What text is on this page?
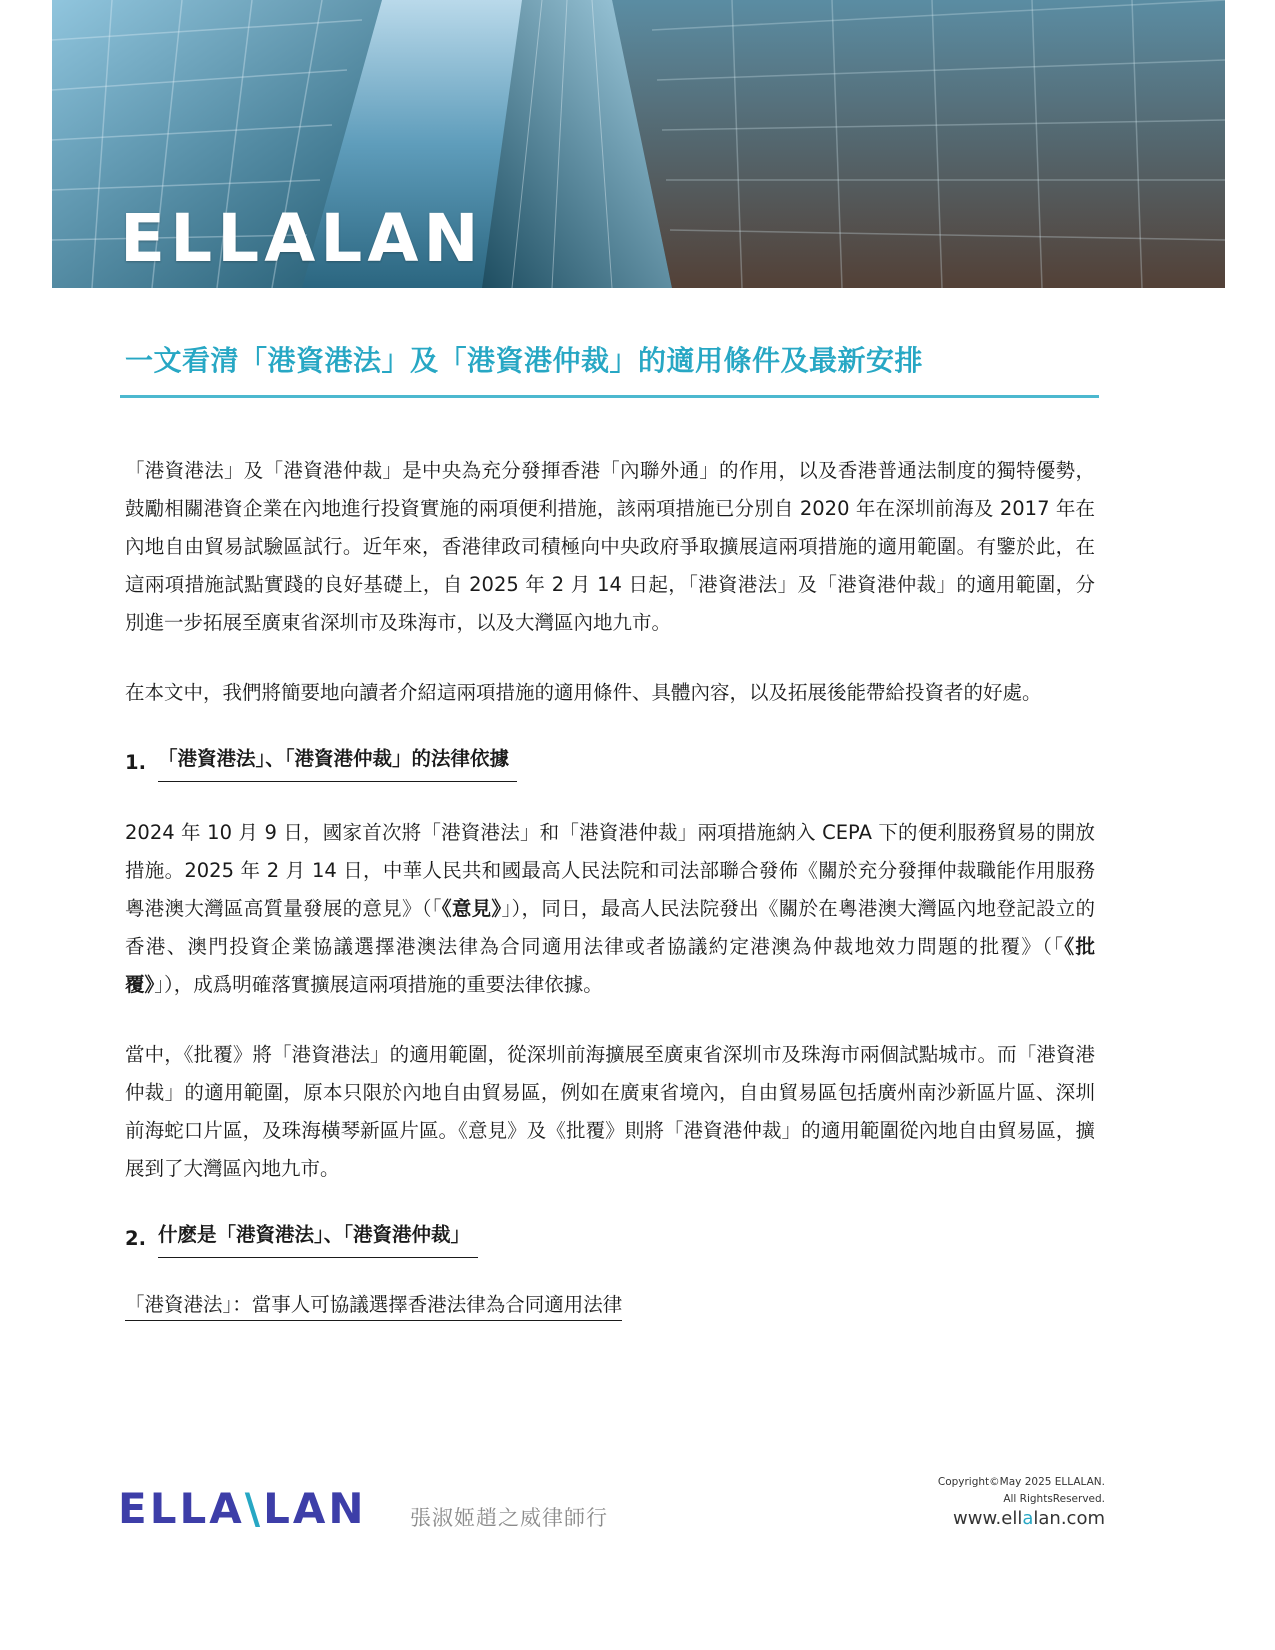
ELLALAN
一文看清「港資港法」及「港資港仲裁」的適用條件及最新安排

「港資港法」及「港資港仲裁」是中央為充分發揮香港「內聯外通」的作用，以及香港普通法制度的獨特優勢，鼓勵相關港資企業在內地進行投資實施的兩項便利措施，該兩項措施已分別自 2020 年在深圳前海及 2017 年在內地自由貿易試驗區試行。近年來，香港律政司積極向中央政府爭取擴展這兩項措施的適用範圍。有鑒於此，在這兩項措施試點實踐的良好基礎上，自 2025 年 2 月 14 日起，「港資港法」及「港資港仲裁」的適用範圍，分別進一步拓展至廣東省深圳市及珠海市，以及大灣區內地九市。

在本文中，我們將簡要地向讀者介紹這兩項措施的適用條件、具體內容，以及拓展後能帶給投資者的好處。

1. 「港資港法」、「港資港仲裁」的法律依據

2024 年 10 月 9 日，國家首次將「港資港法」和「港資港仲裁」兩項措施納入 CEPA 下的便利服務貿易的開放措施。2025 年 2 月 14 日，中華人民共和國最高人民法院和司法部聯合發佈《關於充分發揮仲裁職能作用服務粵港澳大灣區高質量發展的意見》（「《意見》」），同日，最高人民法院發出《關於在粵港澳大灣區內地登記設立的香港、澳門投資企業協議選擇港澳法律為合同適用法律或者協議約定港澳為仲裁地效力問題的批覆》（「《批覆》」），成爲明確落實擴展這兩項措施的重要法律依據。

當中，《批覆》將「港資港法」的適用範圍，從深圳前海擴展至廣東省深圳市及珠海市兩個試點城市。而「港資港仲裁」的適用範圍，原本只限於內地自由貿易區，例如在廣東省境內，自由貿易區包括廣州南沙新區片區、深圳前海蛇口片區，及珠海橫琴新區片區。《意見》及《批覆》則將「港資港仲裁」的適用範圍從內地自由貿易區，擴展到了大灣區內地九市。

2. 什麽是「港資港法」、「港資港仲裁」

「港資港法」：當事人可協議選擇香港法律為合同適用法律

ELLA\LAN 張淑姬趙之威律師行
Copyright©May 2025 ELLALAN.
All RightsReserved.
www.ellalan.com
